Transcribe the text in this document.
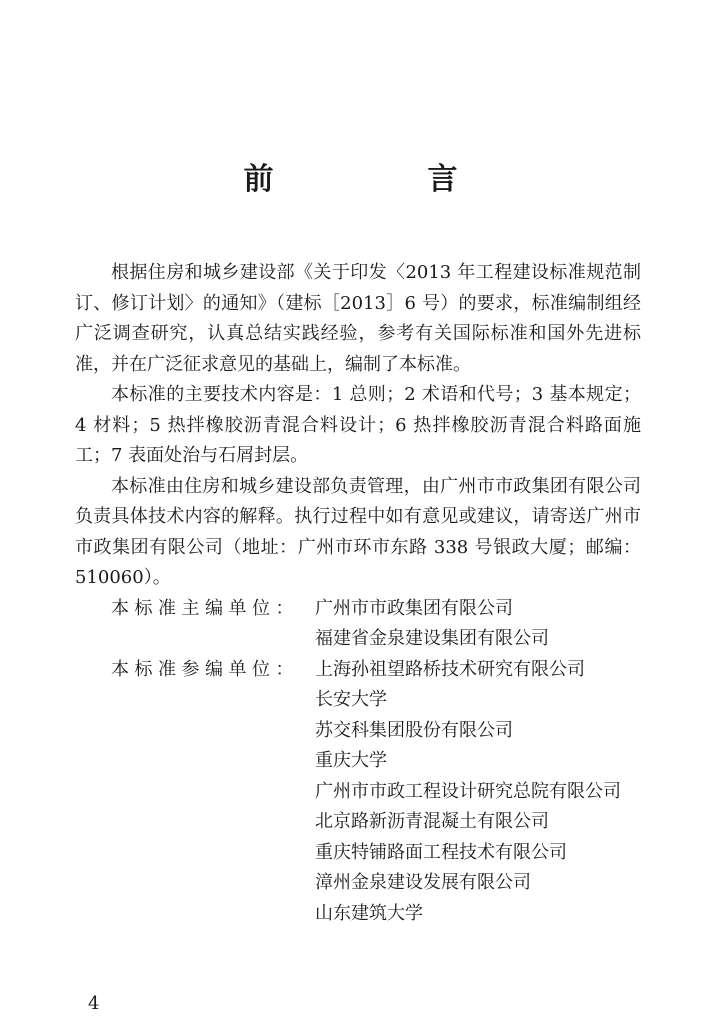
前　言

根据住房和城乡建设部《关于印发〈2013 年工程建设标准规范制订、修订计划〉的通知》（建标［2013］6 号）的要求，标准编制组经广泛调查研究，认真总结实践经验，参考有关国际标准和国外先进标准，并在广泛征求意见的基础上，编制了本标准。

本标准的主要技术内容是：1 总则；2 术语和代号；3 基本规定；4 材料；5 热拌橡胶沥青混合料设计；6 热拌橡胶沥青混合料路面施工；7 表面处治与石屑封层。

本标准由住房和城乡建设部负责管理，由广州市市政集团有限公司负责具体技术内容的解释。执行过程中如有意见或建议，请寄送广州市市政集团有限公司（地址：广州市环市东路 338 号银政大厦；邮编：510060）。

本标准主编单位： 广州市市政集团有限公司
福建省金泉建设集团有限公司
本标准参编单位： 上海孙祖望路桥技术研究有限公司
长安大学
苏交科集团股份有限公司
重庆大学
广州市市政工程设计研究总院有限公司
北京路新沥青混凝土有限公司
重庆特铺路面工程技术有限公司
漳州金泉建设发展有限公司
山东建筑大学
4
